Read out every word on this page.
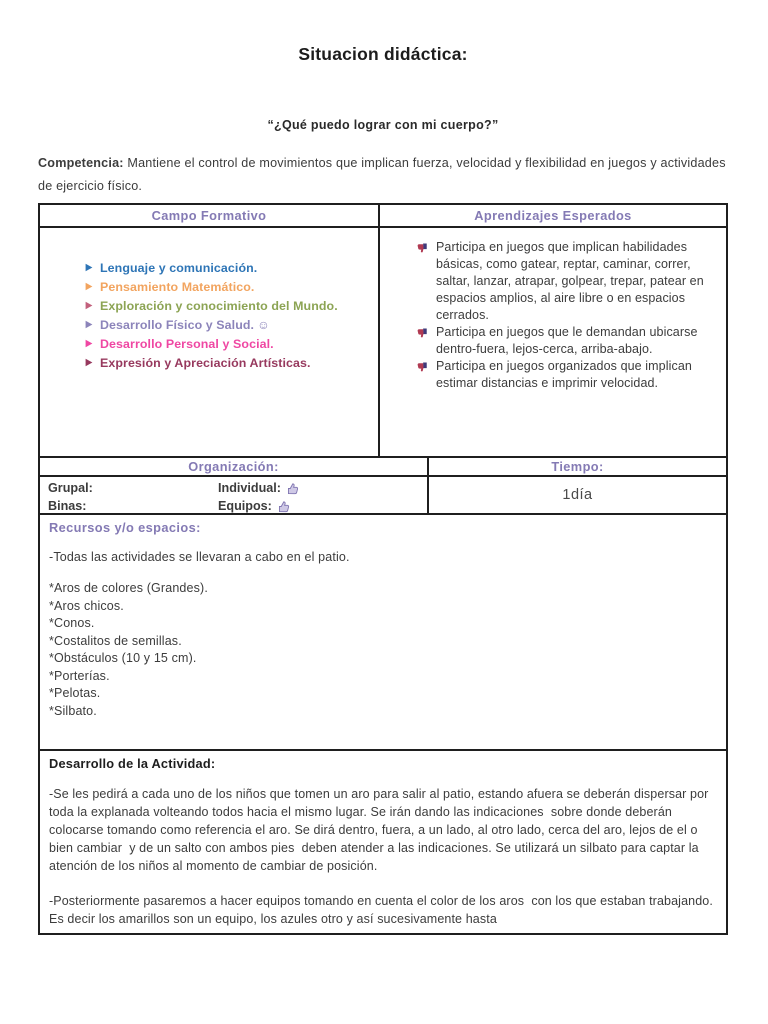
Situacion didáctica:
“¿Qué puedo lograr con mi cuerpo?”

Competencia: Mantiene el control de movimientos que implican fuerza, velocidad y flexibilidad en juegos y actividades de ejercicio físico.

Campo Formativo	Aprendizajes Esperados
Lenguaje y comunicación.
Pensamiento Matemático.
Exploración y conocimiento del Mundo.
Desarrollo Físico y Salud. ☺
Desarrollo Personal y Social.
Expresión y Apreciación Artísticas.
Participa en juegos que implican habilidades básicas, como gatear, reptar, caminar, correr, saltar, lanzar, atrapar, golpear, trepar, patear en espacios amplios, al aire libre o en espacios cerrados.
Participa en juegos que le demandan ubicarse dentro-fuera, lejos-cerca, arriba-abajo.
Participa en juegos organizados que implican estimar distancias e imprimir velocidad.
Organización:	Tiempo:
Grupal:	Individual:
Binas:	Equipos:
1día
Recursos y/o espacios:

-Todas las actividades se llevaran a cabo en el patio.

*Aros de colores (Grandes).
*Aros chicos.
*Conos.
*Costalitos de semillas.
*Obstáculos (10 y 15 cm).
*Porterías.
*Pelotas.
*Silbato.
Desarrollo de la Actividad:

-Se les pedirá a cada uno de los niños que tomen un aro para salir al patio, estando afuera se deberán dispersar por toda la explanada volteando todos hacia el mismo lugar. Se irán dando las indicaciones  sobre donde deberán colocarse tomando como referencia el aro. Se dirá dentro, fuera, a un lado, al otro lado, cerca del aro, lejos de el o bien cambiar  y de un salto con ambos pies  deben atender a las indicaciones. Se utilizará un silbato para captar la atención de los niños al momento de cambiar de posición.

-Posteriormente pasaremos a hacer equipos tomando en cuenta el color de los aros  con los que estaban trabajando. Es decir los amarillos son un equipo, los azules otro y así sucesivamente hasta
